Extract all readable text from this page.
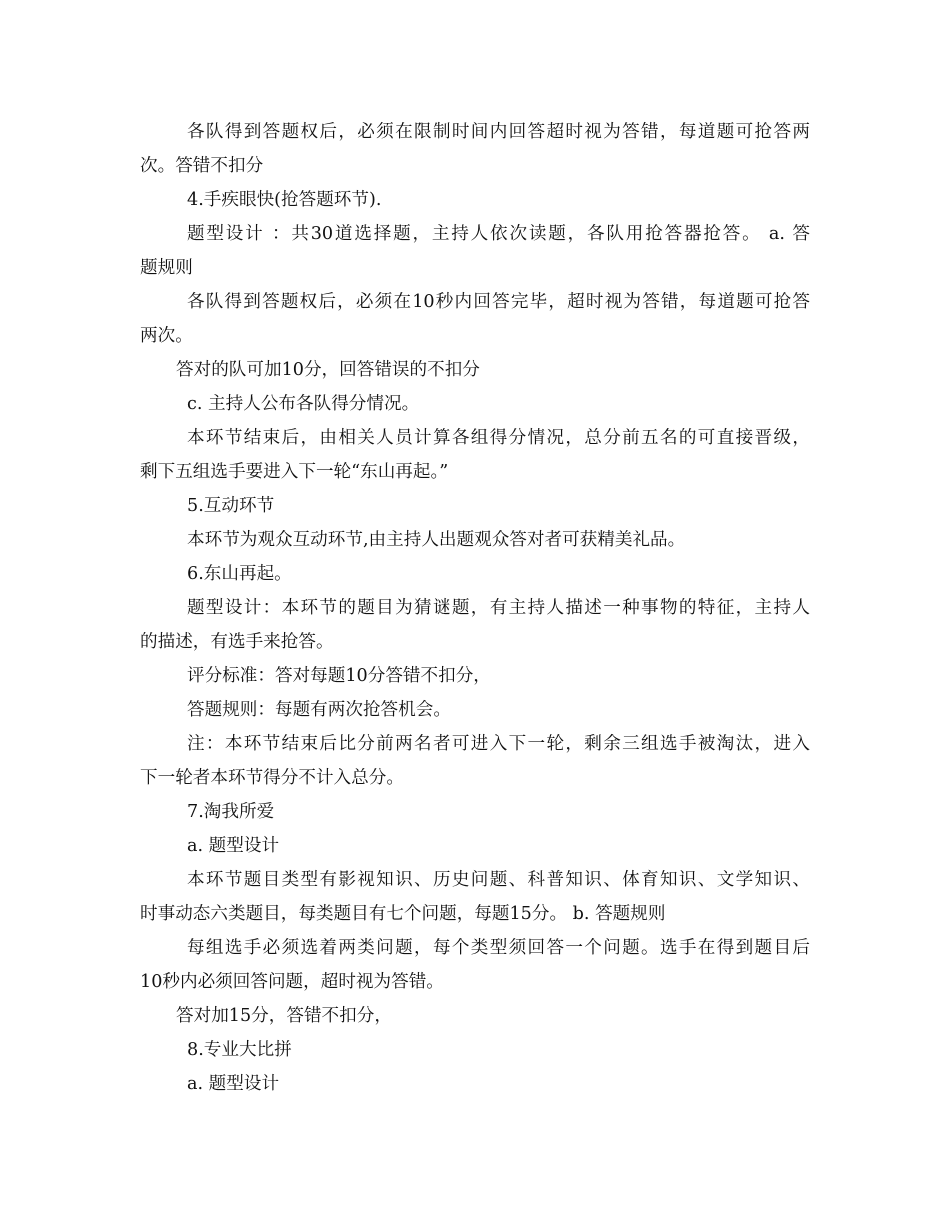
各队得到答题权后，必须在限制时间内回答超时视为答错，每道题可抢答两
次。答错不扣分
4.手疾眼快(抢答题环节).
题型设计 ：共30道选择题，主持人依次读题，各队用抢答器抢答。 a. 答
题规则
各队得到答题权后，必须在10秒内回答完毕，超时视为答错，每道题可抢答
两次。
答对的队可加10分，回答错误的不扣分
c. 主持人公布各队得分情况。
本环节结束后，由相关人员计算各组得分情况，总分前五名的可直接晋级，
剩下五组选手要进入下一轮“东山再起。”
5.互动环节
本环节为观众互动环节,由主持人出题观众答对者可获精美礼品。
6.东山再起。
题型设计：本环节的题目为猜谜题，有主持人描述一种事物的特征，主持人
的描述，有选手来抢答。
评分标准：答对每题10分答错不扣分，
答题规则：每题有两次抢答机会。
注：本环节结束后比分前两名者可进入下一轮，剩余三组选手被淘汰，进入
下一轮者本环节得分不计入总分。
7.淘我所爱
a. 题型设计
本环节题目类型有影视知识、历史问题、科普知识、体育知识、文学知识、
时事动态六类题目，每类题目有七个问题，每题15分。 b. 答题规则
每组选手必须选着两类问题，每个类型须回答一个问题。选手在得到题目后
10秒内必须回答问题，超时视为答错。
答对加15分，答错不扣分，
8.专业大比拼
a. 题型设计
